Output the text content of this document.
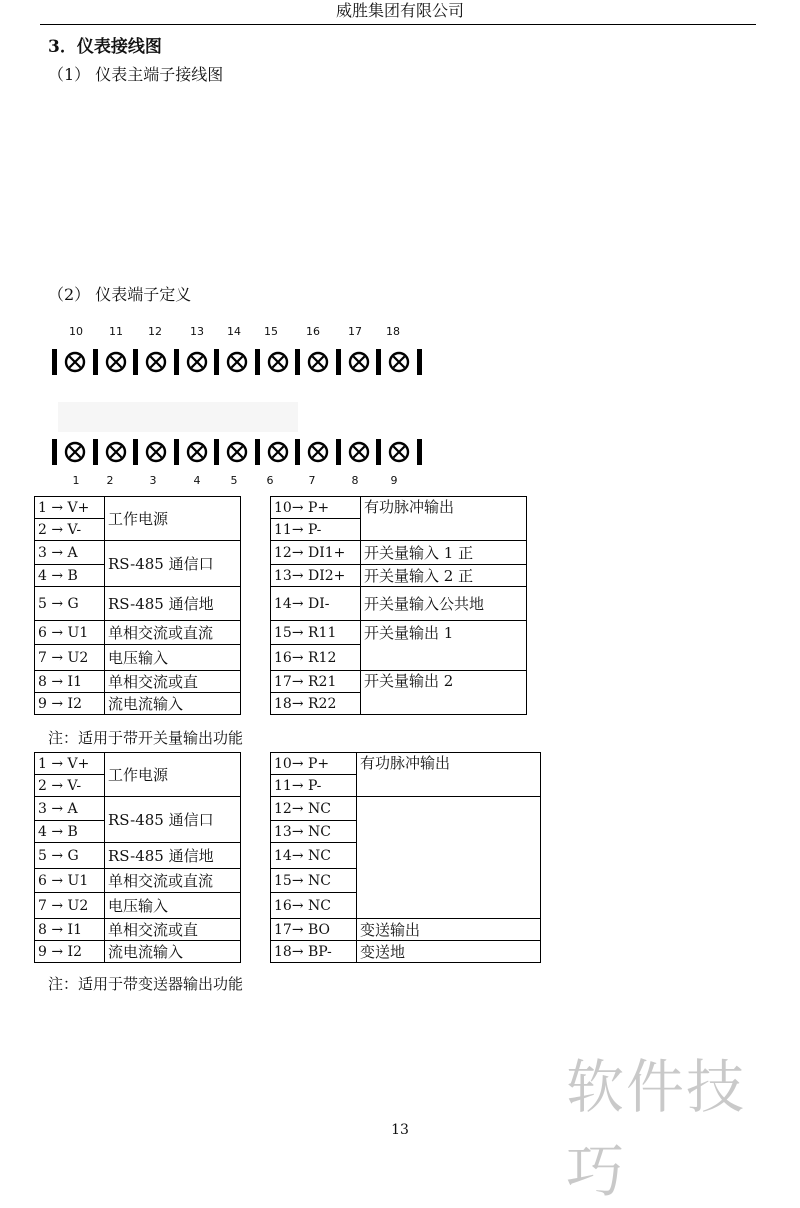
威胜集团有限公司
3．仪表接线图
（1） 仪表主端子接线图
（2） 仪表端子定义
10	11	12	13	14	15	16	17	18
1	2	3	4	5	6	7	8	9
1 → V+	工作电源		10→ P+	有功脉冲输出
2 → V-			11→ P-	
3 → A	RS-485 通信口		12→ DI1+	开关量输入 1 正
4 → B			13→ DI2+	开关量输入 2 正
5 → G	RS-485 通信地		14→ DI-	开关量输入公共地
6 → U1	单相交流或直流		15→ R11	开关量输出 1
7 → U2	电压输入		16→ R12	
8 → I1	单相交流或直		17→ R21	开关量输出 2
9 → I2	流电流输入		18→ R22	
注：适用于带开关量输出功能
1 → V+	工作电源		10→ P+	有功脉冲输出
2 → V-			11→ P-	
3 → A	RS-485 通信口		12→ NC	
4 → B			13→ NC	
5 → G	RS-485 通信地		14→ NC	
6 → U1	单相交流或直流		15→ NC	
7 → U2	电压输入		16→ NC	
8 → I1	单相交流或直		17→ BO	变送输出
9 → I2	流电流输入		18→ BP-	变送地
注：适用于带变送器输出功能
软件技巧
13
